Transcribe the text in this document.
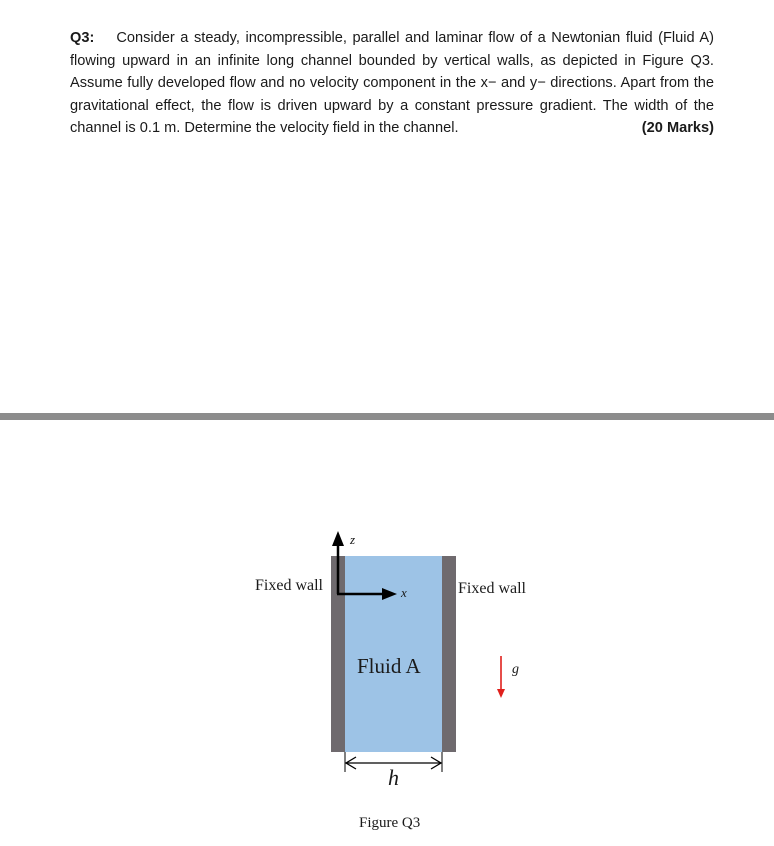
Q3: Consider a steady, incompressible, parallel and laminar flow of a Newtonian fluid (Fluid A) flowing upward in an infinite long channel bounded by vertical walls, as depicted in Figure Q3. Assume fully developed flow and no velocity component in the x− and y− directions. Apart from the gravitational effect, the flow is driven upward by a constant pressure gradient. The width of the channel is 0.1 m. Determine the velocity field in the channel.	(20 Marks)
Fixed wall	Fixed wall
z
x
Fluid A	g
h
Figure Q3
